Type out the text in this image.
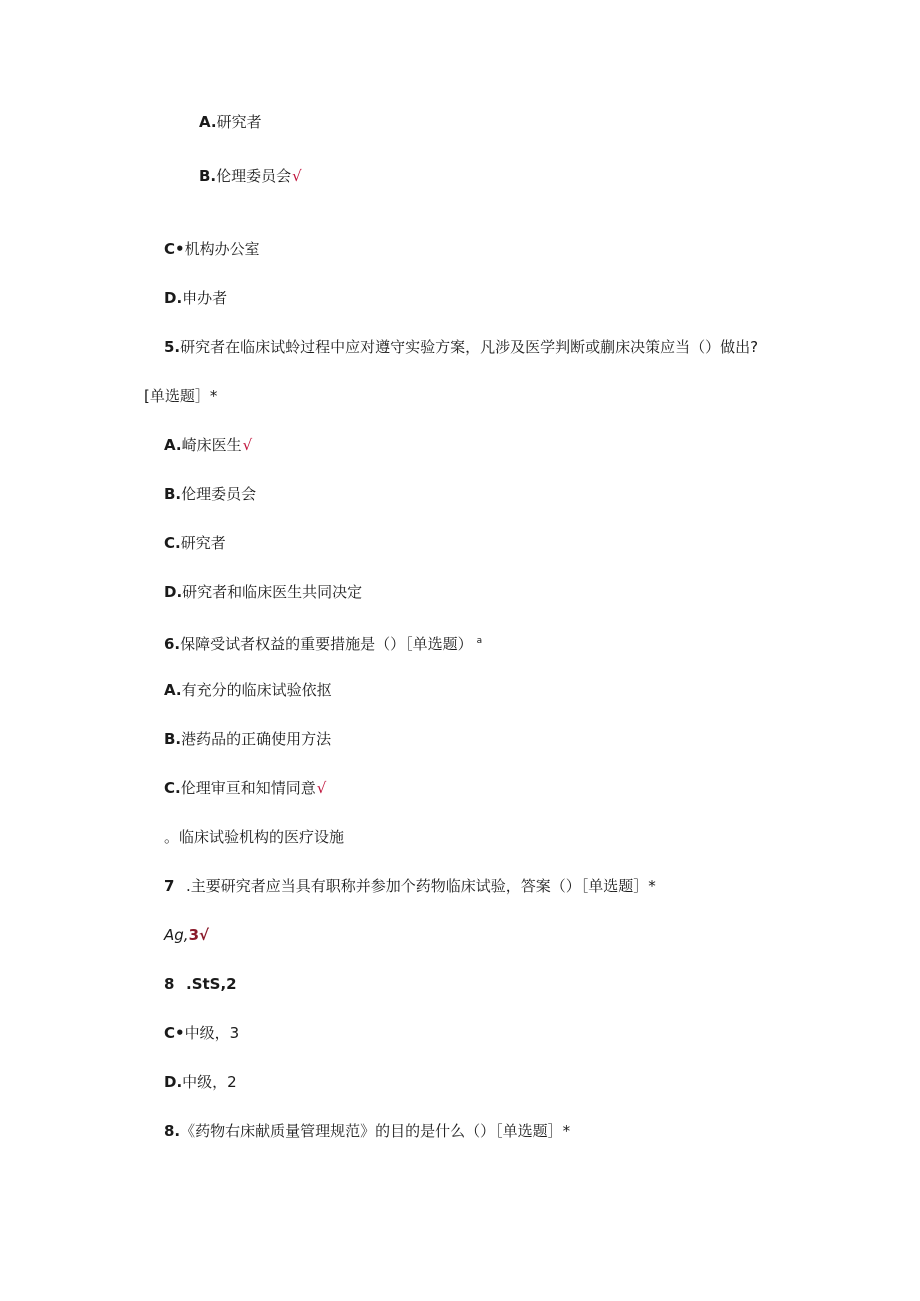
A.研究者
B.伦理委员会√
C•机构办公室
D.申办者
5.研究者在临床试蛉过程中应对遵守实验方案，凡涉及医学判断或蒯床决策应当（）做出?
[单选题］*
A.崎床医生√
B.伦理委员会
C.研究者
D.研究者和临床医生共同决定
6.保障受试者权益的重要措施是（）［单选题） $^a$
A.有充分的临床试验依抠
B.港药品的正确使用方法
C.伦理审亘和知情同意√
。临床试验机构的医疗设施
7 .主要研究者应当具有职称并参加个药物临床试验，答案（）［单选题］*
Ag,3√
8 .StS,2
C•中级，3
D.中级，2
8.《药物右床献质量管理规范》的目的是什么（）［单选题］*
